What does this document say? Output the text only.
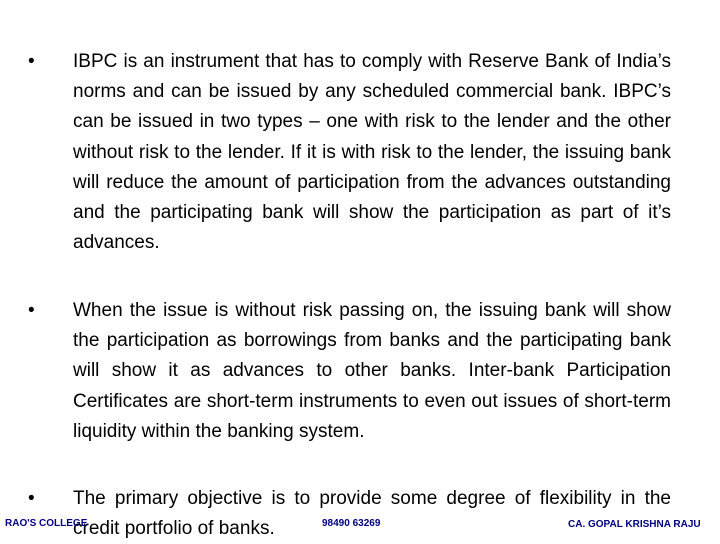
• IBPC is an instrument that has to comply with Reserve Bank of India’s norms and can be issued by any scheduled commercial bank. IBPC’s can be issued in two types – one with risk to the lender and the other without risk to the lender. If it is with risk to the lender, the issuing bank will reduce the amount of participation from the advances outstanding and the participating bank will show the participation as part of it’s advances.
• When the issue is without risk passing on, the issuing bank will show the participation as borrowings from banks and the participating bank will show it as advances to other banks. Inter-bank Participation Certificates are short-term instruments to even out issues of short-term liquidity within the banking system.
• The primary objective is to provide some degree of flexibility in the credit portfolio of banks.
RAO'S COLLEGE	98490 63269	CA. GOPAL KRISHNA RAJU
